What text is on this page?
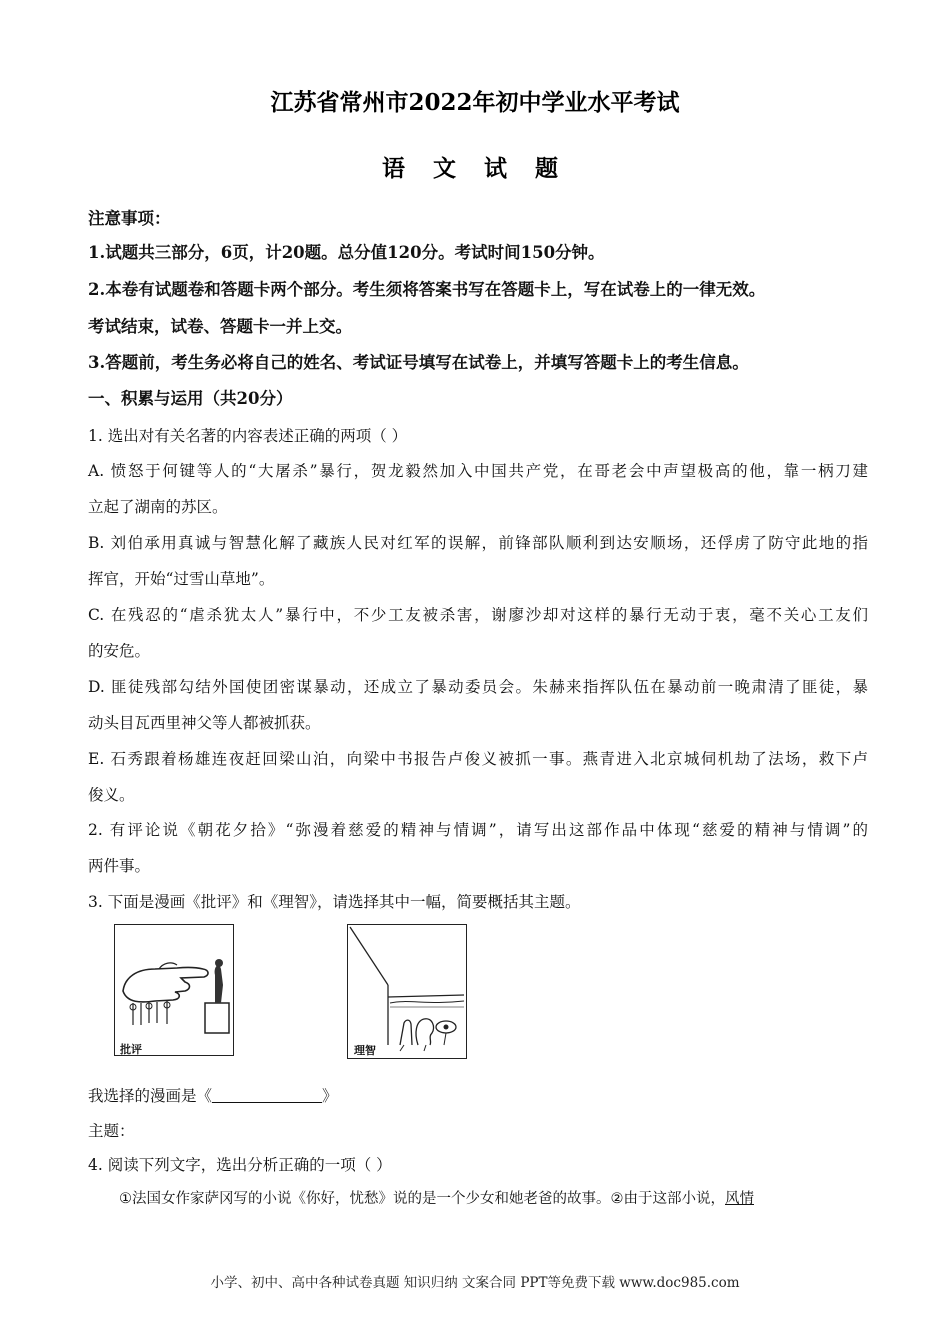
江苏省常州市2022年初中学业水平考试
语 文 试 题
注意事项：
1.试题共三部分，6页，计20题。总分值120分。考试时间150分钟。
2.本卷有试题卷和答题卡两个部分。考生须将答案书写在答题卡上，写在试卷上的一律无效。
考试结束，试卷、答题卡一并上交。
3.答题前，考生务必将自己的姓名、考试证号填写在试卷上，并填写答题卡上的考生信息。
一、积累与运用（共20分）
1. 选出对有关名著的内容表述正确的两项（ ）
A. 愤怒于何键等人的“大屠杀”暴行，贺龙毅然加入中国共产党，在哥老会中声望极高的他，靠一柄刀建
立起了湖南的苏区。
B. 刘伯承用真诚与智慧化解了藏族人民对红军的误解，前锋部队顺利到达安顺场，还俘虏了防守此地的指
挥官，开始“过雪山草地”。
C. 在残忍的“虐杀犹太人”暴行中，不少工友被杀害，谢廖沙却对这样的暴行无动于衷，毫不关心工友们
的安危。
D. 匪徒残部勾结外国使团密谋暴动，还成立了暴动委员会。朱赫来指挥队伍在暴动前一晚肃清了匪徒，暴
动头目瓦西里神父等人都被抓获。
E. 石秀跟着杨雄连夜赶回梁山泊，向梁中书报告卢俊义被抓一事。燕青进入北京城伺机劫了法场，救下卢
俊义。
2. 有评论说《朝花夕拾》“弥漫着慈爱的精神与情调”，请写出这部作品中体现“慈爱的精神与情调”的
两件事。
3. 下面是漫画《批评》和《理智》，请选择其中一幅，简要概括其主题。
批评	理智
我选择的漫画是《	》
主题：
4. 阅读下列文字，选出分析正确的一项（ ）
①法国女作家萨冈写的小说《你好，忧愁》说的是一个少女和她老爸的故事。②由于这部小说，风情
小学、初中、高中各种试卷真题 知识归纳 文案合同 PPT等免费下载 www.doc985.com
